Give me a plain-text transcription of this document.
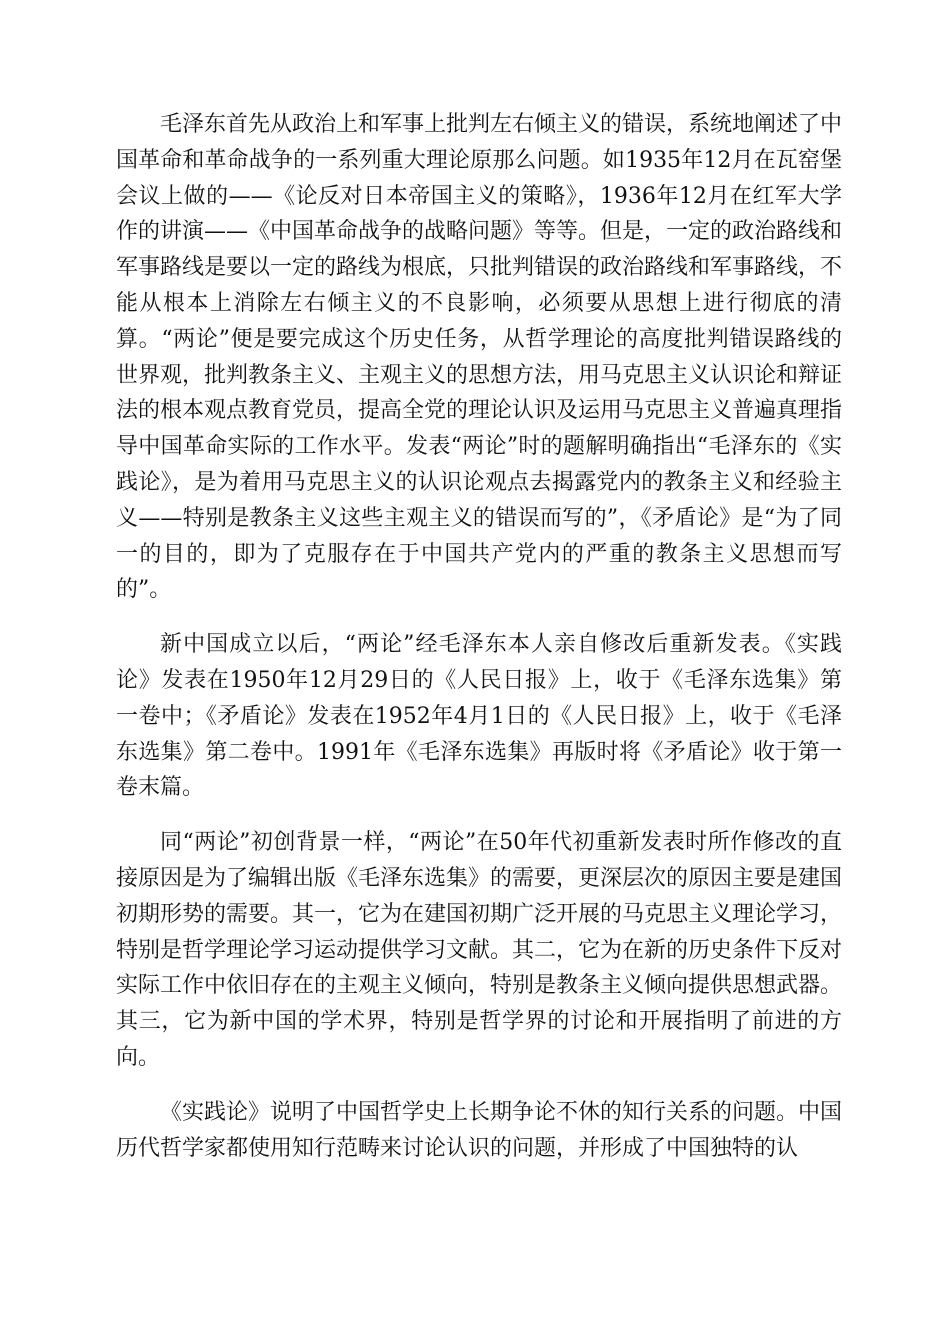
毛泽东首先从政治上和军事上批判左右倾主义的错误，系统地阐述了中国革命和革命战争的一系列重大理论原那么问题。如1935年12月在瓦窑堡会议上做的——《论反对日本帝国主义的策略》，1936年12月在红军大学作的讲演——《中国革命战争的战略问题》等等。但是，一定的政治路线和军事路线是要以一定的路线为根底，只批判错误的政治路线和军事路线，不能从根本上消除左右倾主义的不良影响，必须要从思想上进行彻底的清算。“两论”便是要完成这个历史任务，从哲学理论的高度批判错误路线的世界观，批判教条主义、主观主义的思想方法，用马克思主义认识论和辩证法的根本观点教育党员，提高全党的理论认识及运用马克思主义普遍真理指导中国革命实际的工作水平。发表“两论”时的题解明确指出“毛泽东的《实践论》，是为着用马克思主义的认识论观点去揭露党内的教条主义和经验主义——特别是教条主义这些主观主义的错误而写的”，《矛盾论》是“为了同一的目的，即为了克服存在于中国共产党内的严重的教条主义思想而写的”。

新中国成立以后，“两论”经毛泽东本人亲自修改后重新发表。《实践论》发表在1950年12月29日的《人民日报》上，收于《毛泽东选集》第一卷中；《矛盾论》发表在1952年4月1日的《人民日报》上，收于《毛泽东选集》第二卷中。1991年《毛泽东选集》再版时将《矛盾论》收于第一卷末篇。

同“两论”初创背景一样，“两论”在50年代初重新发表时所作修改的直接原因是为了编辑出版《毛泽东选集》的需要，更深层次的原因主要是建国初期形势的需要。其一，它为在建国初期广泛开展的马克思主义理论学习，特别是哲学理论学习运动提供学习文献。其二，它为在新的历史条件下反对实际工作中依旧存在的主观主义倾向，特别是教条主义倾向提供思想武器。其三，它为新中国的学术界，特别是哲学界的讨论和开展指明了前进的方向。

《实践论》说明了中国哲学史上长期争论不休的知行关系的问题。中国历代哲学家都使用知行范畴来讨论认识的问题，并形成了中国独特的认
